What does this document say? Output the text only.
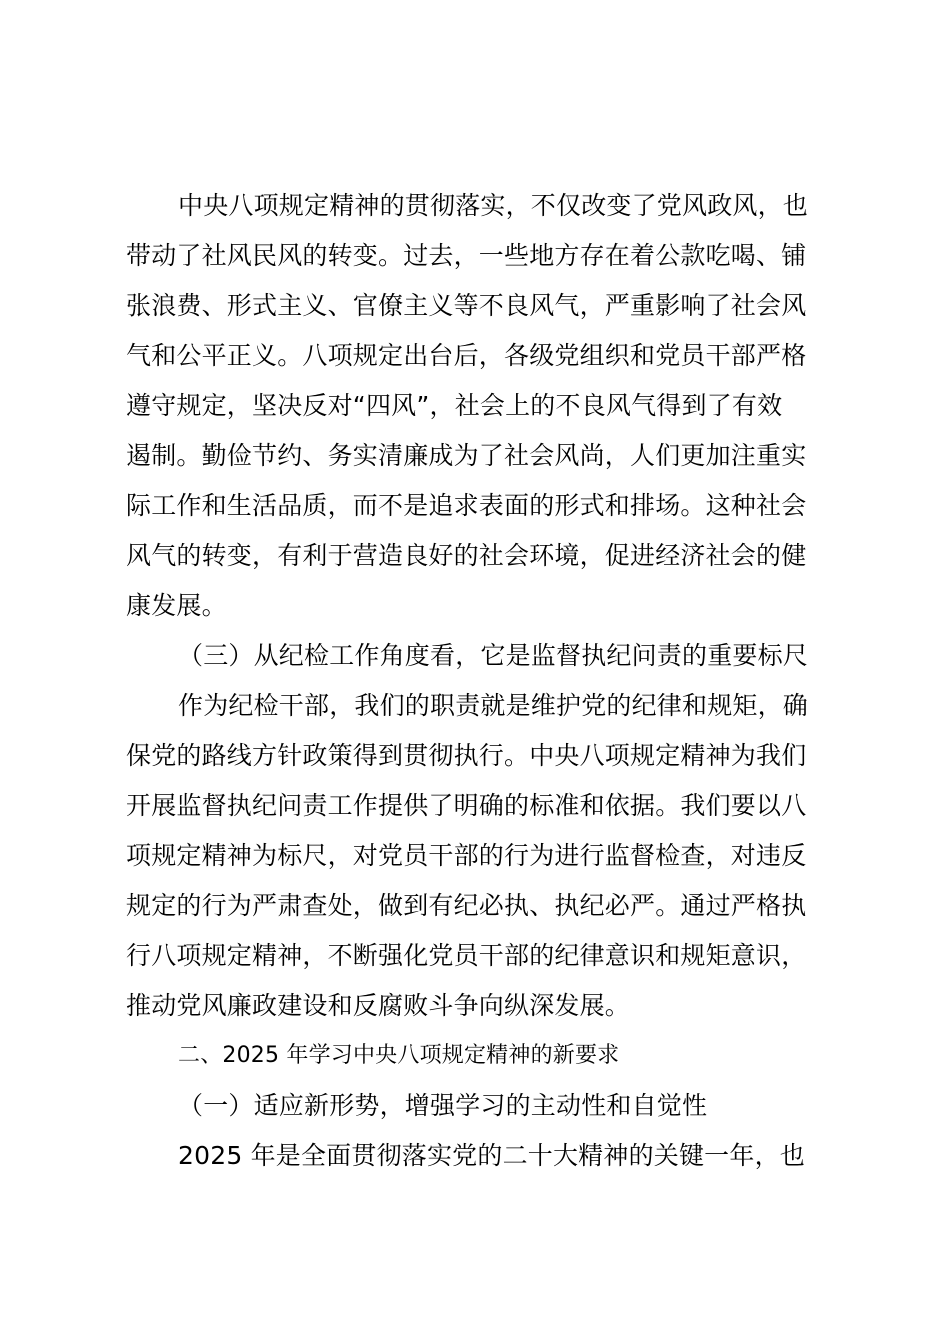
中央八项规定精神的贯彻落实，不仅改变了党风政风，也
带动了社风民风的转变。过去，一些地方存在着公款吃喝、铺
张浪费、形式主义、官僚主义等不良风气，严重影响了社会风
气和公平正义。八项规定出台后，各级党组织和党员干部严格
遵守规定，坚决反对“四风”，社会上的不良风气得到了有效
遏制。勤俭节约、务实清廉成为了社会风尚，人们更加注重实
际工作和生活品质，而不是追求表面的形式和排场。这种社会
风气的转变，有利于营造良好的社会环境，促进经济社会的健
康发展。
（三）从纪检工作角度看，它是监督执纪问责的重要标尺
作为纪检干部，我们的职责就是维护党的纪律和规矩，确
保党的路线方针政策得到贯彻执行。中央八项规定精神为我们
开展监督执纪问责工作提供了明确的标准和依据。我们要以八
项规定精神为标尺，对党员干部的行为进行监督检查，对违反
规定的行为严肃查处，做到有纪必执、执纪必严。通过严格执
行八项规定精神，不断强化党员干部的纪律意识和规矩意识，
推动党风廉政建设和反腐败斗争向纵深发展。
二、2025 年学习中央八项规定精神的新要求
（一）适应新形势，增强学习的主动性和自觉性
2025 年是全面贯彻落实党的二十大精神的关键一年，也
